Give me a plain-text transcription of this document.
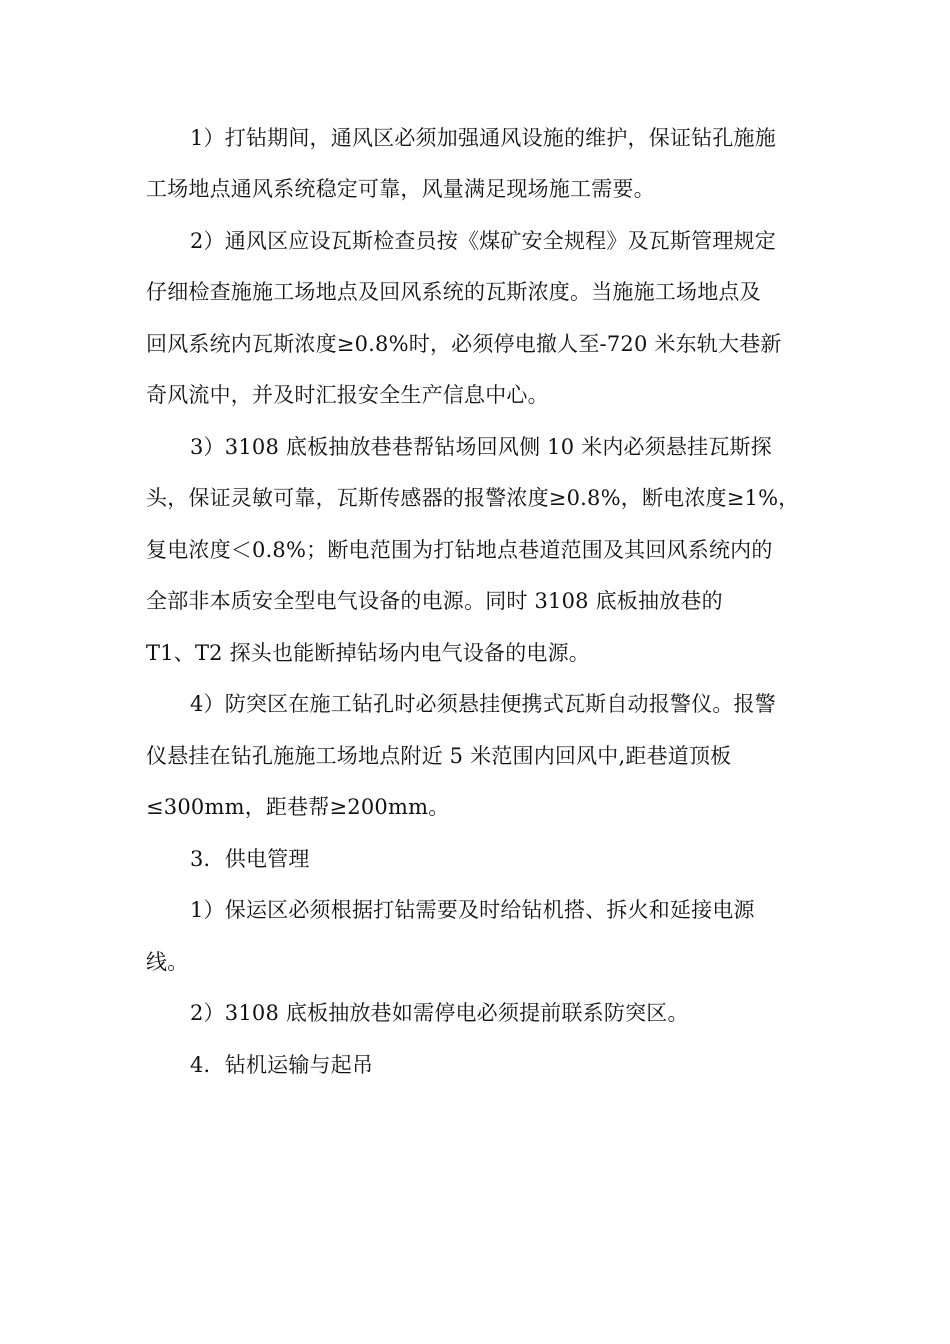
1）打钻期间，通风区必须加强通风设施的维护，保证钻孔施施
工场地点通风系统稳定可靠，风量满足现场施工需要。
2）通风区应设瓦斯检查员按《煤矿安全规程》及瓦斯管理规定
仔细检查施施工场地点及回风系统的瓦斯浓度。当施施工场地点及
回风系统内瓦斯浓度≥0.8%时，必须停电撤人至-720 米东轨大巷新
奇风流中，并及时汇报安全生产信息中心。
3）3108 底板抽放巷巷帮钻场回风侧 10 米内必须悬挂瓦斯探
头，保证灵敏可靠，瓦斯传感器的报警浓度≥0.8%，断电浓度≥1%，
复电浓度＜0.8%；断电范围为打钻地点巷道范围及其回风系统内的
全部非本质安全型电气设备的电源。同时 3108 底板抽放巷的
T1、T2 探头也能断掉钻场内电气设备的电源。
4）防突区在施工钻孔时必须悬挂便携式瓦斯自动报警仪。报警
仪悬挂在钻孔施施工场地点附近 5 米范围内回风中,距巷道顶板
≤300mm，距巷帮≥200mm。
3．供电管理
1）保运区必须根据打钻需要及时给钻机搭、拆火和延接电源
线。
2）3108 底板抽放巷如需停电必须提前联系防突区。
4．钻机运输与起吊
